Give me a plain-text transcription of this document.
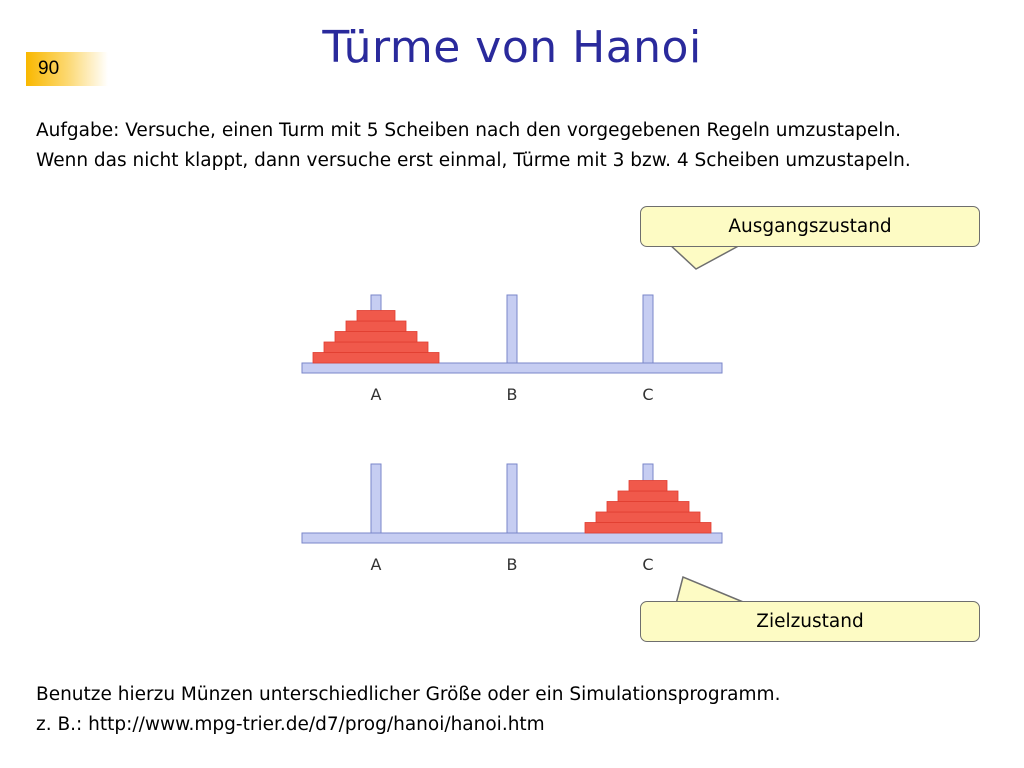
90	Türme von Hanoi
Aufgabe: Versuche, einen Turm mit 5 Scheiben nach den vorgegebenen Regeln umzustapeln.
Wenn das nicht klappt, dann versuche erst einmal, Türme mit 3 bzw. 4 Scheiben umzustapeln.
Ausgangszustand
Zielzustand
A	B	C
A	B	C
Benutze hierzu Münzen unterschiedlicher Größe oder ein Simulationsprogramm.
z. B.: http://www.mpg-trier.de/d7/prog/hanoi/hanoi.htm
